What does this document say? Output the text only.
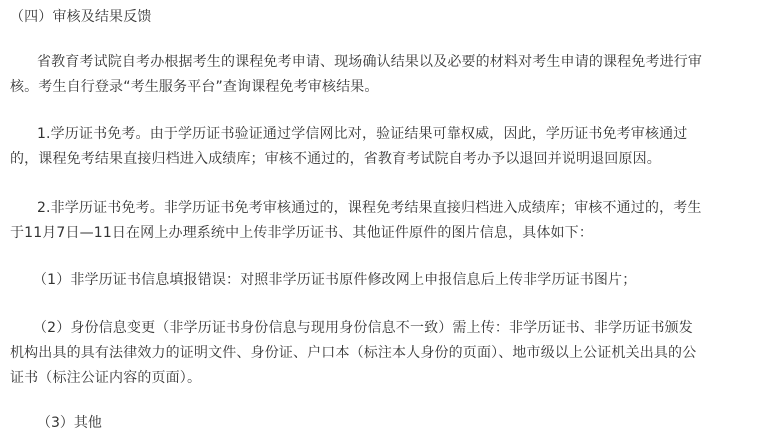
（四）审核及结果反馈
省教育考试院自考办根据考生的课程免考申请、现场确认结果以及必要的材料对考生申请的课程免考进行审
核。考生自行登录“考生服务平台”查询课程免考审核结果。
1.学历证书免考。由于学历证书验证通过学信网比对，验证结果可靠权威，因此，学历证书免考审核通过
的，课程免考结果直接归档进入成绩库；审核不通过的，省教育考试院自考办予以退回并说明退回原因。
2.非学历证书免考。非学历证书免考审核通过的，课程免考结果直接归档进入成绩库；审核不通过的，考生
于11月7日—11日在网上办理系统中上传非学历证书、其他证件原件的图片信息，具体如下：
（1）非学历证书信息填报错误：对照非学历证书原件修改网上申报信息后上传非学历证书图片；
（2）身份信息变更（非学历证书身份信息与现用身份信息不一致）需上传：非学历证书、非学历证书颁发
机构出具的具有法律效力的证明文件、身份证、户口本（标注本人身份的页面）、地市级以上公证机关出具的公
证书（标注公证内容的页面）。
（3）其他
